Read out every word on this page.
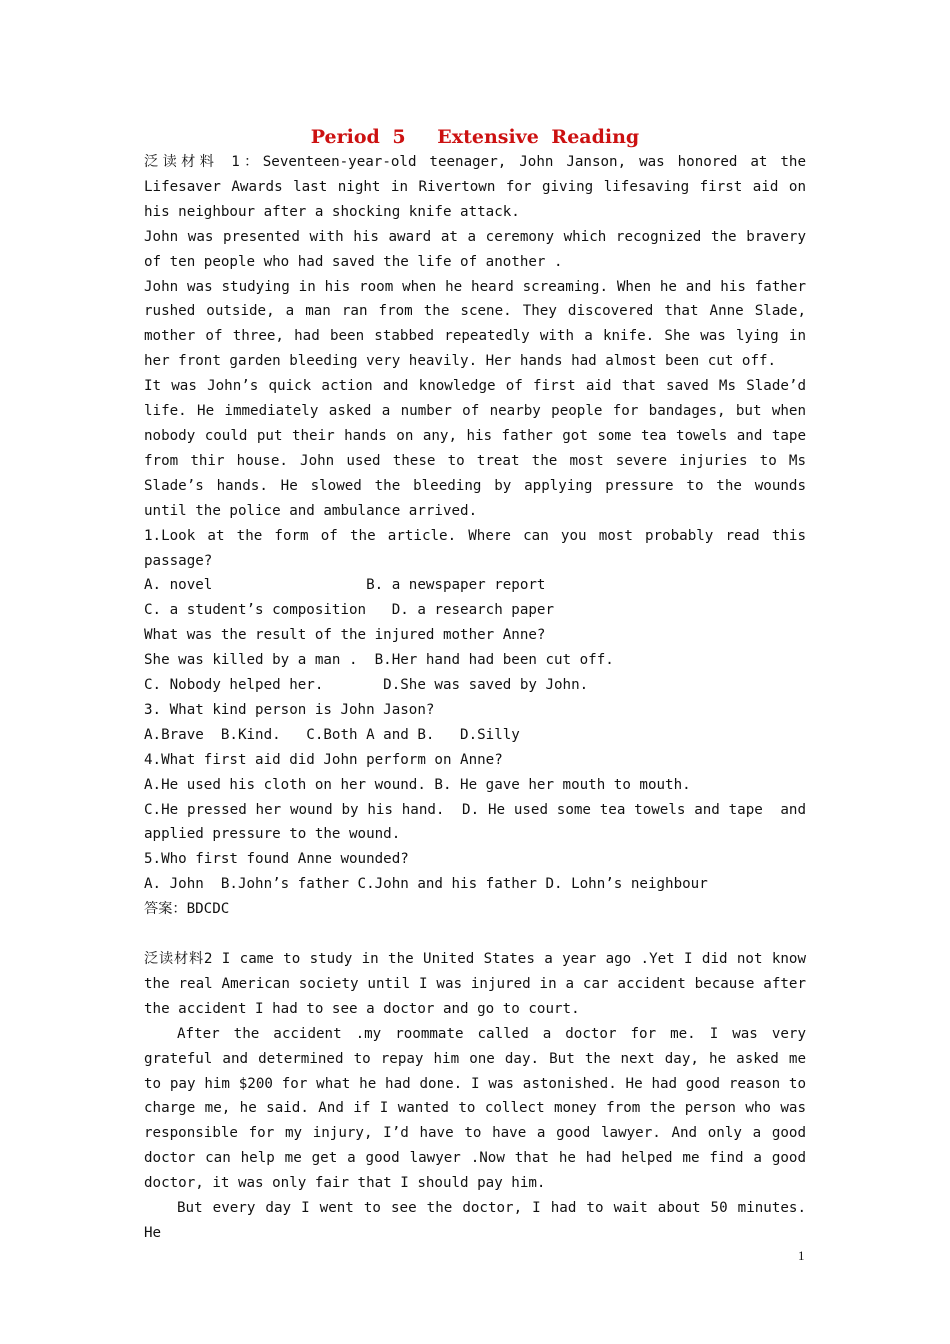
Period 5　 Extensive Reading

泛读材料 1：Seventeen-year-old teenager, John Janson, was honored at the Lifesaver Awards last night in Rivertown for giving lifesaving first aid on his neighbour after a shocking knife attack.

John was presented with his award at a ceremony which recognized the bravery of ten people who had saved the life of another .

John was studying in his room when he heard screaming. When he and his father rushed outside, a man ran from the scene. They discovered that Anne Slade, mother of three, had been stabbed repeatedly with a knife. She was lying in her front garden bleeding very heavily. Her hands had almost been cut off.

It was John’s quick action and knowledge of first aid that saved Ms Slade’d life. He immediately asked a number of nearby people for bandages, but when nobody could put their hands on any, his father got some tea towels and tape from thir house. John used these to treat the most severe injuries to Ms Slade’s hands. He slowed the bleeding by applying pressure to the wounds until the police and ambulance arrived.

1.Look at the form of the article. Where can you most probably read this passage?

A. novel                  B. a newspaper report

C. a student’s composition   D. a research paper

What was the result of the injured mother Anne?

She was killed by a man .  B.Her hand had been cut off.

C. Nobody helped her.       D.She was saved by John.

3. What kind person is John Jason?

A.Brave  B.Kind.   C.Both A and B.   D.Silly

4.What first aid did John perform on Anne?

A.He used his cloth on her wound. B. He gave her mouth to mouth.

C.He pressed her wound by his hand.  D. He used some tea towels and tape  and applied pressure to the wound.

5.Who first found Anne wounded?

A. John  B.John’s father C.John and his father D. Lohn’s neighbour

答案：BDCDC

泛读材料2 I came to study in the United States a year ago .Yet I did not know the real American society until I was injured in a car accident because after the accident I had to see a doctor and go to court.

After the accident .my roommate called a doctor for me. I was very grateful and determined to repay him one day. But the next day, he asked me to pay him $200 for what he had done. I was astonished. He had good reason to charge me, he said. And if I wanted to collect money from the person who was responsible for my injury, I’d have to have a good lawyer. And only a good doctor can help me get a good lawyer .Now that he had helped me find a good doctor, it was only fair that I should pay him.

But every day I went to see the doctor, I had to wait about 50 minutes. He

1
